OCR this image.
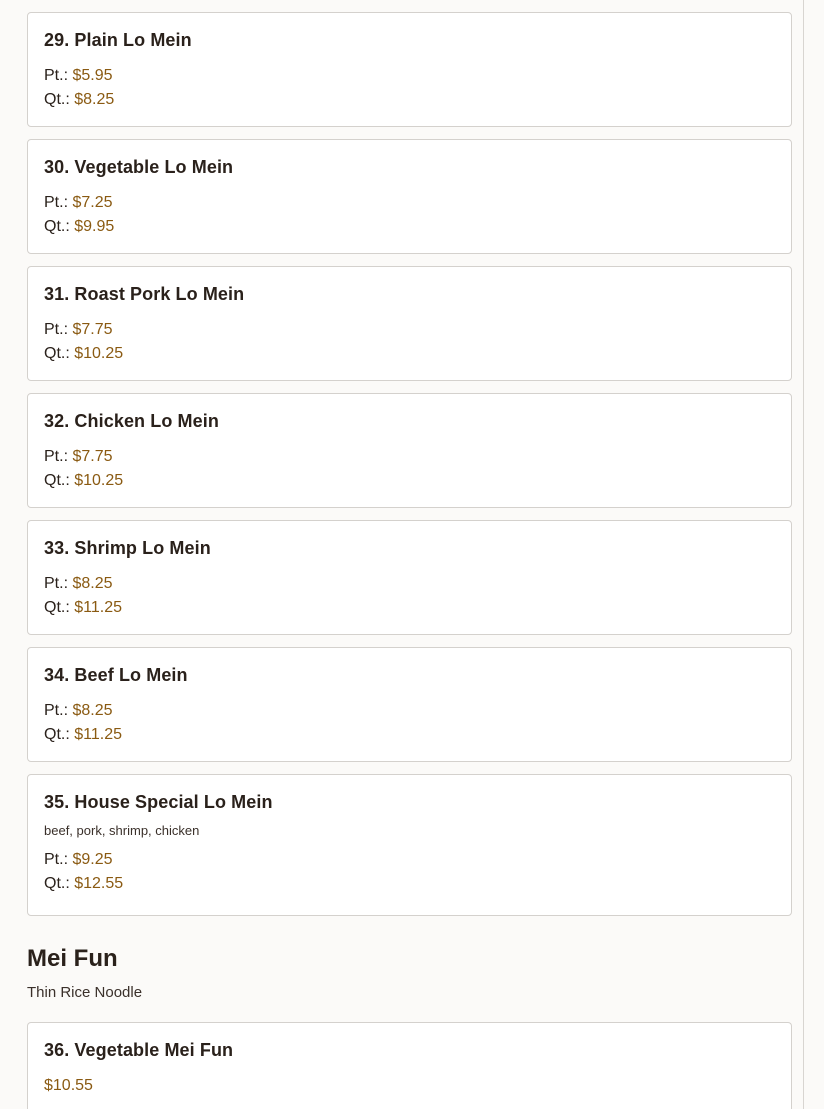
29. Plain Lo Mein
Pt.: $5.95
Qt.: $8.25
30. Vegetable Lo Mein
Pt.: $7.25
Qt.: $9.95
31. Roast Pork Lo Mein
Pt.: $7.75
Qt.: $10.25
32. Chicken Lo Mein
Pt.: $7.75
Qt.: $10.25
33. Shrimp Lo Mein
Pt.: $8.25
Qt.: $11.25
34. Beef Lo Mein
Pt.: $8.25
Qt.: $11.25
35. House Special Lo Mein
beef, pork, shrimp, chicken
Pt.: $9.25
Qt.: $12.55
Mei Fun
Thin Rice Noodle
36. Vegetable Mei Fun
$10.55
